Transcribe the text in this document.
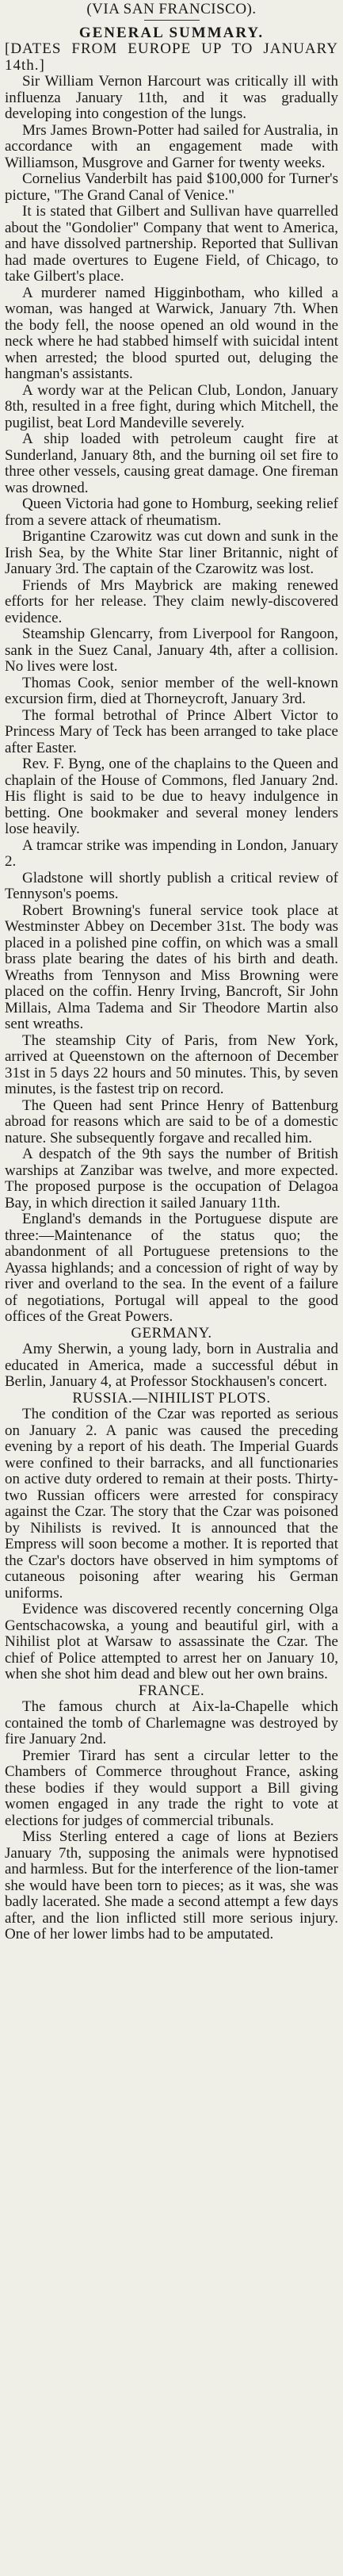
(VIA SAN FRANCISCO).

GENERAL SUMMARY.

[DATES FROM EUROPE UP TO JANUARY 14th.]

Sir William Vernon Harcourt was critically ill with influenza January 11th, and it was gradually developing into congestion of the lungs.

Mrs James Brown-Potter had sailed for Australia, in accordance with an engagement made with Williamson, Musgrove and Garner for twenty weeks.

Cornelius Vanderbilt has paid $100,000 for Turner's picture, "The Grand Canal of Venice."

It is stated that Gilbert and Sullivan have quarrelled about the "Gondolier" Company that went to America, and have dissolved partnership. Reported that Sullivan had made overtures to Eugene Field, of Chicago, to take Gilbert's place.

A murderer named Higginbotham, who killed a woman, was hanged at Warwick, January 7th. When the body fell, the noose opened an old wound in the neck where he had stabbed himself with suicidal intent when arrested; the blood spurted out, deluging the hangman's assistants.

A wordy war at the Pelican Club, London, January 8th, resulted in a free fight, during which Mitchell, the pugilist, beat Lord Mandeville severely.

A ship loaded with petroleum caught fire at Sunderland, January 8th, and the burning oil set fire to three other vessels, causing great damage. One fireman was drowned.

Queen Victoria had gone to Homburg, seeking relief from a severe attack of rheumatism.

Brigantine Czarowitz was cut down and sunk in the Irish Sea, by the White Star liner Britannic, night of January 3rd. The captain of the Czarowitz was lost.

Friends of Mrs Maybrick are making renewed efforts for her release. They claim newly-discovered evidence.

Steamship Glencarry, from Liverpool for Rangoon, sank in the Suez Canal, January 4th, after a collision. No lives were lost.

Thomas Cook, senior member of the well-known excursion firm, died at Thorneycroft, January 3rd.

The formal betrothal of Prince Albert Victor to Princess Mary of Teck has been arranged to take place after Easter.

Rev. F. Byng, one of the chaplains to the Queen and chaplain of the House of Commons, fled January 2nd. His flight is said to be due to heavy indulgence in betting. One bookmaker and several money lenders lose heavily.

A tramcar strike was impending in London, January 2.

Gladstone will shortly publish a critical review of Tennyson's poems.

Robert Browning's funeral service took place at Westminster Abbey on December 31st. The body was placed in a polished pine coffin, on which was a small brass plate bearing the dates of his birth and death. Wreaths from Tennyson and Miss Browning were placed on the coffin. Henry Irving, Bancroft, Sir John Millais, Alma Tadema and Sir Theodore Martin also sent wreaths.

The steamship City of Paris, from New York, arrived at Queenstown on the afternoon of December 31st in 5 days 22 hours and 50 minutes. This, by seven minutes, is the fastest trip on record.

The Queen had sent Prince Henry of Battenburg abroad for reasons which are said to be of a domestic nature. She subsequently forgave and recalled him.

A despatch of the 9th says the number of British warships at Zanzibar was twelve, and more expected. The proposed purpose is the occupation of Delagoa Bay, in which direction it sailed January 11th.

England's demands in the Portuguese dispute are three:—Maintenance of the status quo; the abandonment of all Portuguese pretensions to the Ayassa highlands; and a concession of right of way by river and overland to the sea. In the event of a failure of negotiations, Portugal will appeal to the good offices of the Great Powers.

GERMANY.

Amy Sherwin, a young lady, born in Australia and educated in America, made a successful début in Berlin, January 4, at Professor Stockhausen's concert.

RUSSIA.—NIHILIST PLOTS.

The condition of the Czar was reported as serious on January 2. A panic was caused the preceding evening by a report of his death. The Imperial Guards were confined to their barracks, and all functionaries on active duty ordered to remain at their posts. Thirty-two Russian officers were arrested for conspiracy against the Czar. The story that the Czar was poisoned by Nihilists is revived. It is announced that the Empress will soon become a mother. It is reported that the Czar's doctors have observed in him symptoms of cutaneous poisoning after wearing his German uniforms.

Evidence was discovered recently concerning Olga Gentschacowska, a young and beautiful girl, with a Nihilist plot at Warsaw to assassinate the Czar. The chief of Police attempted to arrest her on January 10, when she shot him dead and blew out her own brains.

FRANCE.

The famous church at Aix-la-Chapelle which contained the tomb of Charlemagne was destroyed by fire January 2nd.

Premier Tirard has sent a circular letter to the Chambers of Commerce throughout France, asking these bodies if they would support a Bill giving women engaged in any trade the right to vote at elections for judges of commercial tribunals.

Miss Sterling entered a cage of lions at Beziers January 7th, supposing the animals were hypnotised and harmless. But for the interference of the lion-tamer she would have been torn to pieces; as it was, she was badly lacerated. She made a second attempt a few days after, and the lion inflicted still more serious injury. One of her lower limbs had to be amputated.
